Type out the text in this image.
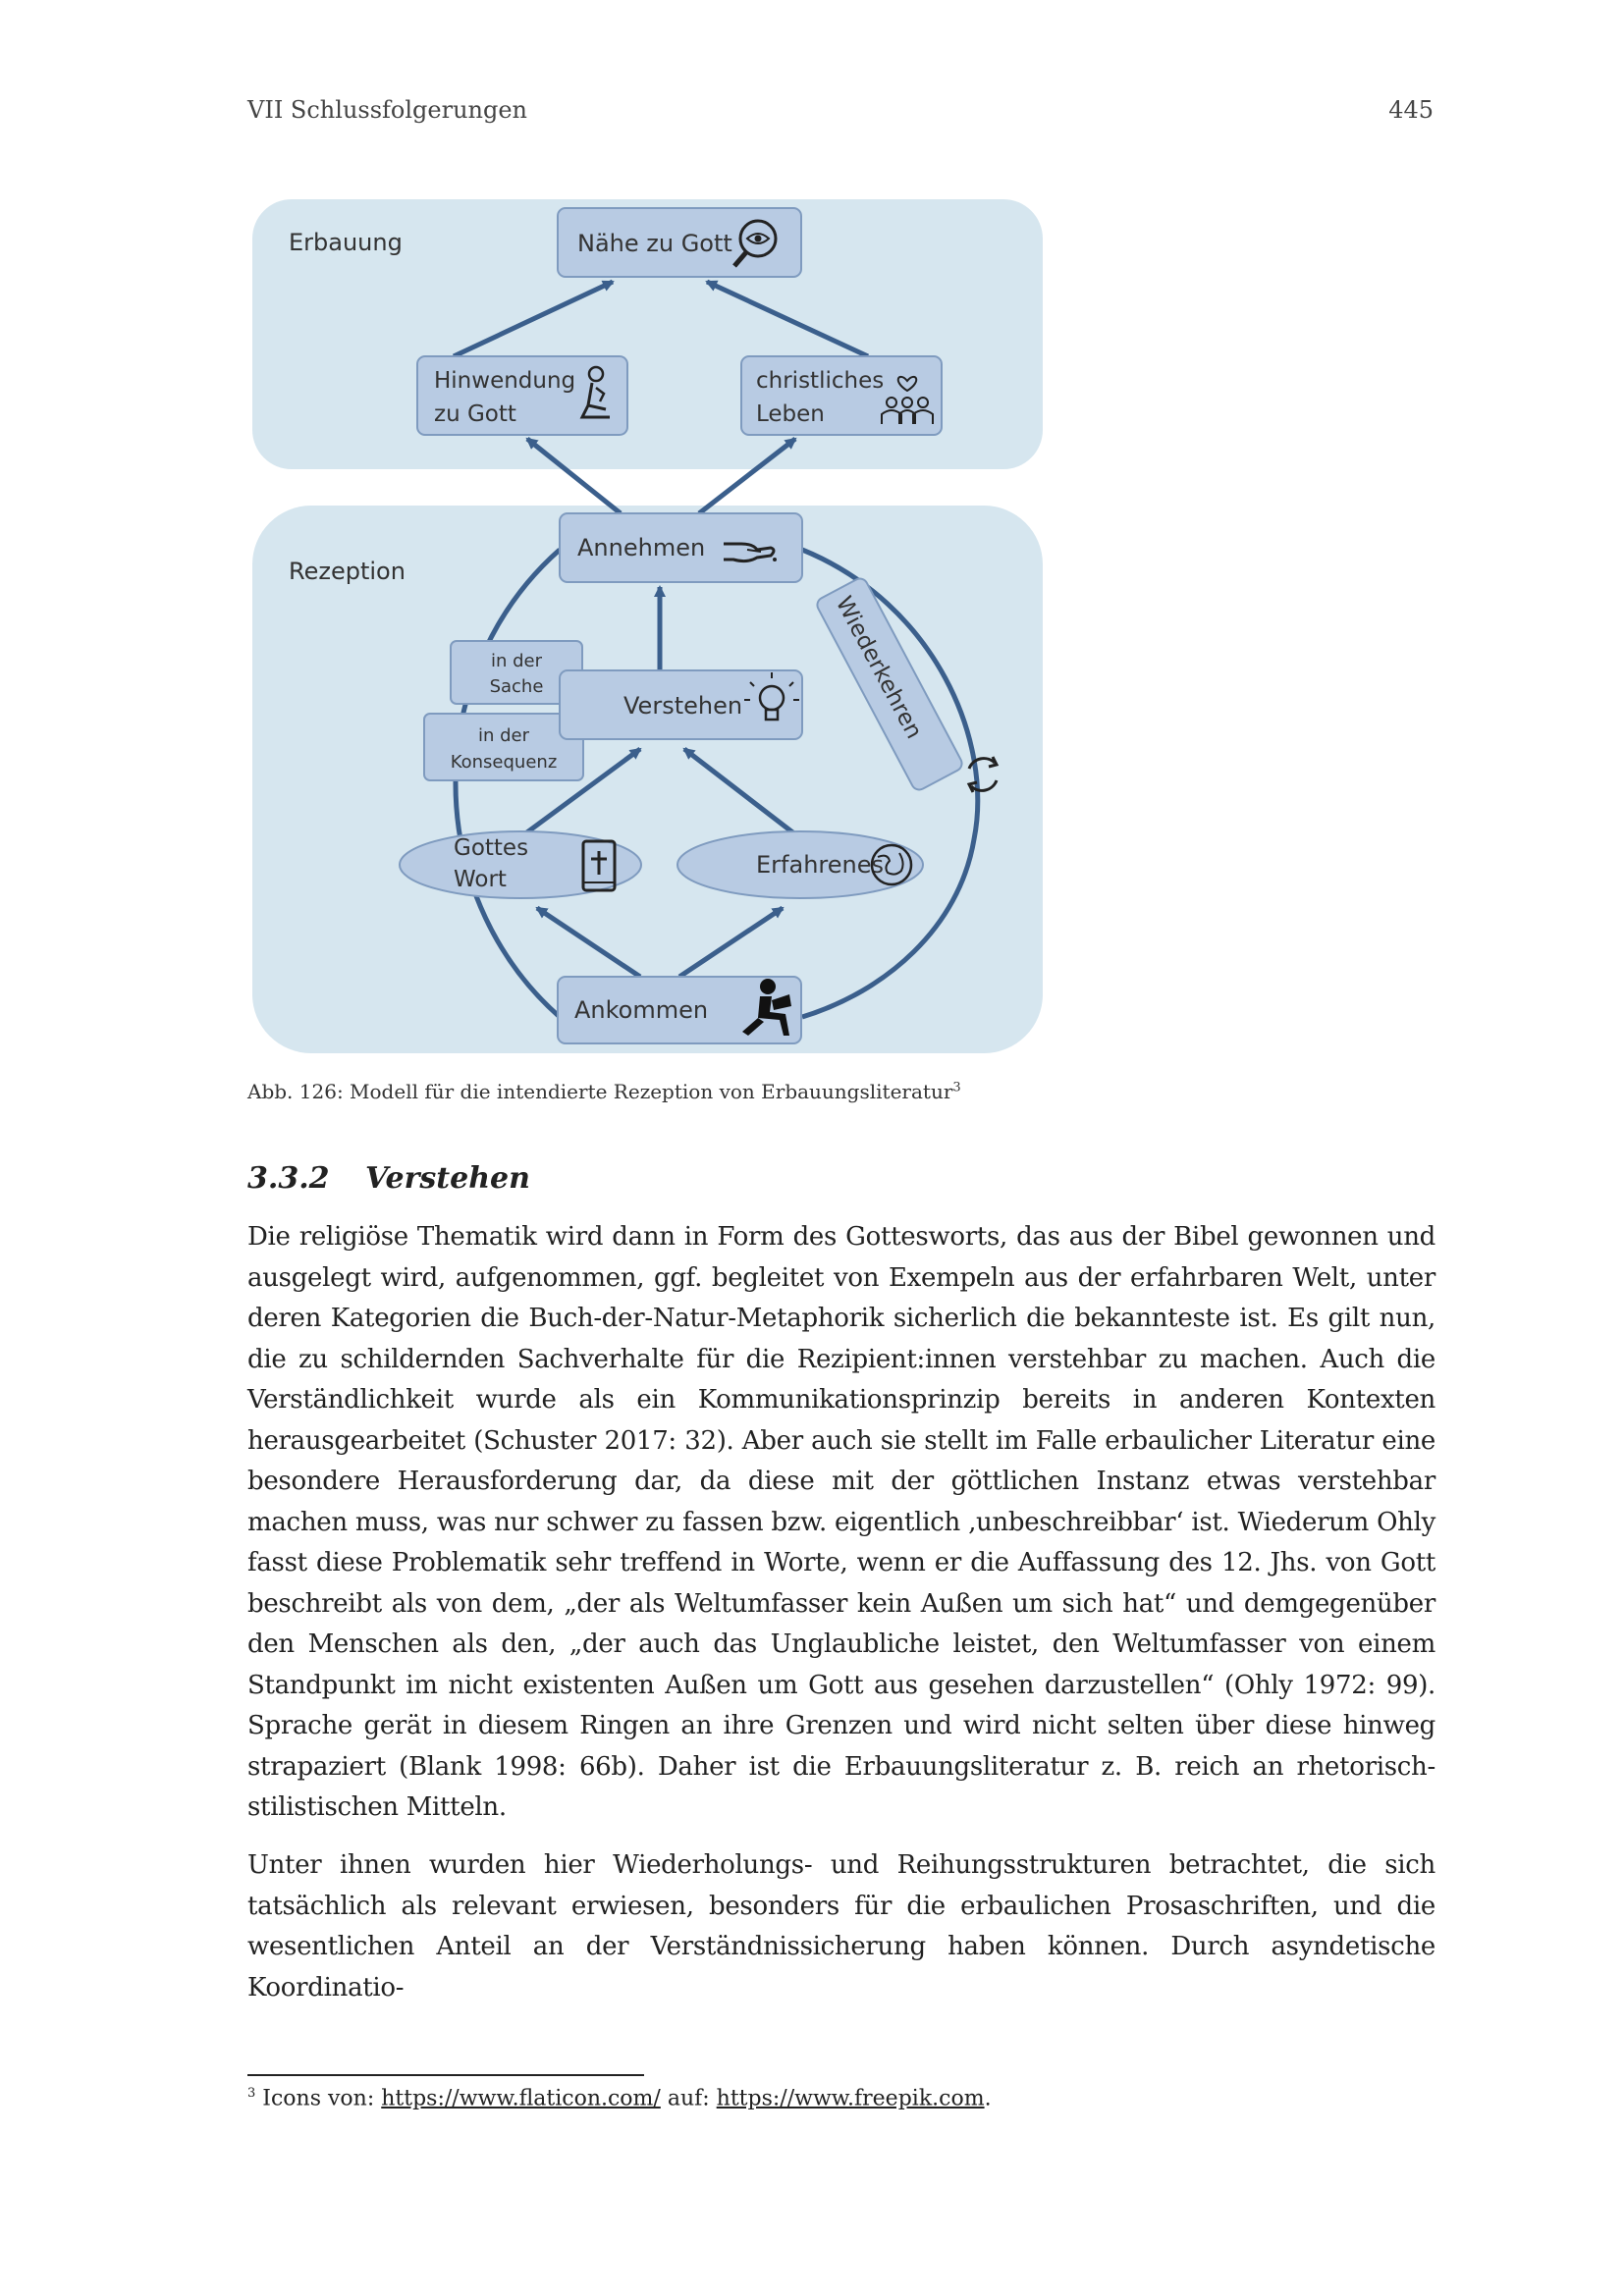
VII Schlussfolgerungen	445
Erbauung
Rezeption
Nähe zu Gott
Hinwendung
zu Gott
christliches
Leben
Annehmen
Wiederkehren
in der
Sache
in der
Konsequenz
Verstehen
Gottes
Wort
Erfahrenes
Ankommen
Abb. 126: Modell für die intendierte Rezeption von Erbauungsliteratur$^3$
3.3.2 Verstehen

Die religiöse Thematik wird dann in Form des Gottesworts, das aus der Bibel gewonnen und ausgelegt wird, aufgenommen, ggf. begleitet von Exempeln aus der erfahrbaren Welt, unter deren Kategorien die Buch-der-Natur-Metaphorik sicherlich die bekannteste ist. Es gilt nun, die zu schildernden Sachverhalte für die Rezipient:innen verstehbar zu machen. Auch die Verständlichkeit wurde als ein Kommunikationsprinzip bereits in anderen Kontexten herausgearbeitet (Schuster 2017: 32). Aber auch sie stellt im Falle erbaulicher Literatur eine besondere Herausforderung dar, da diese mit der göttlichen Instanz etwas verstehbar machen muss, was nur schwer zu fassen bzw. eigentlich ‚unbeschreibbar‘ ist. Wiederum Ohly fasst diese Problematik sehr treffend in Worte, wenn er die Auffassung des 12. Jhs. von Gott beschreibt als von dem, „der als Weltumfasser kein Außen um sich hat“ und demgegenüber den Menschen als den, „der auch das Unglaubliche leistet, den Weltumfasser von einem Standpunkt im nicht existenten Außen um Gott aus gesehen darzustellen“ (Ohly 1972: 99). Sprache gerät in diesem Ringen an ihre Grenzen und wird nicht selten über diese hinweg strapaziert (Blank 1998: 66b). Daher ist die Erbauungsliteratur z. B. reich an rhetorisch-stilistischen Mitteln.

Unter ihnen wurden hier Wiederholungs- und Reihungsstrukturen betrachtet, die sich tatsächlich als relevant erwiesen, besonders für die erbaulichen Prosaschriften, und die wesentlichen Anteil an der Verständnissicherung haben können. Durch asyndetische Koordinatio-

$^3$ Icons von: https://www.flaticon.com/ auf: https://www.freepik.com.
